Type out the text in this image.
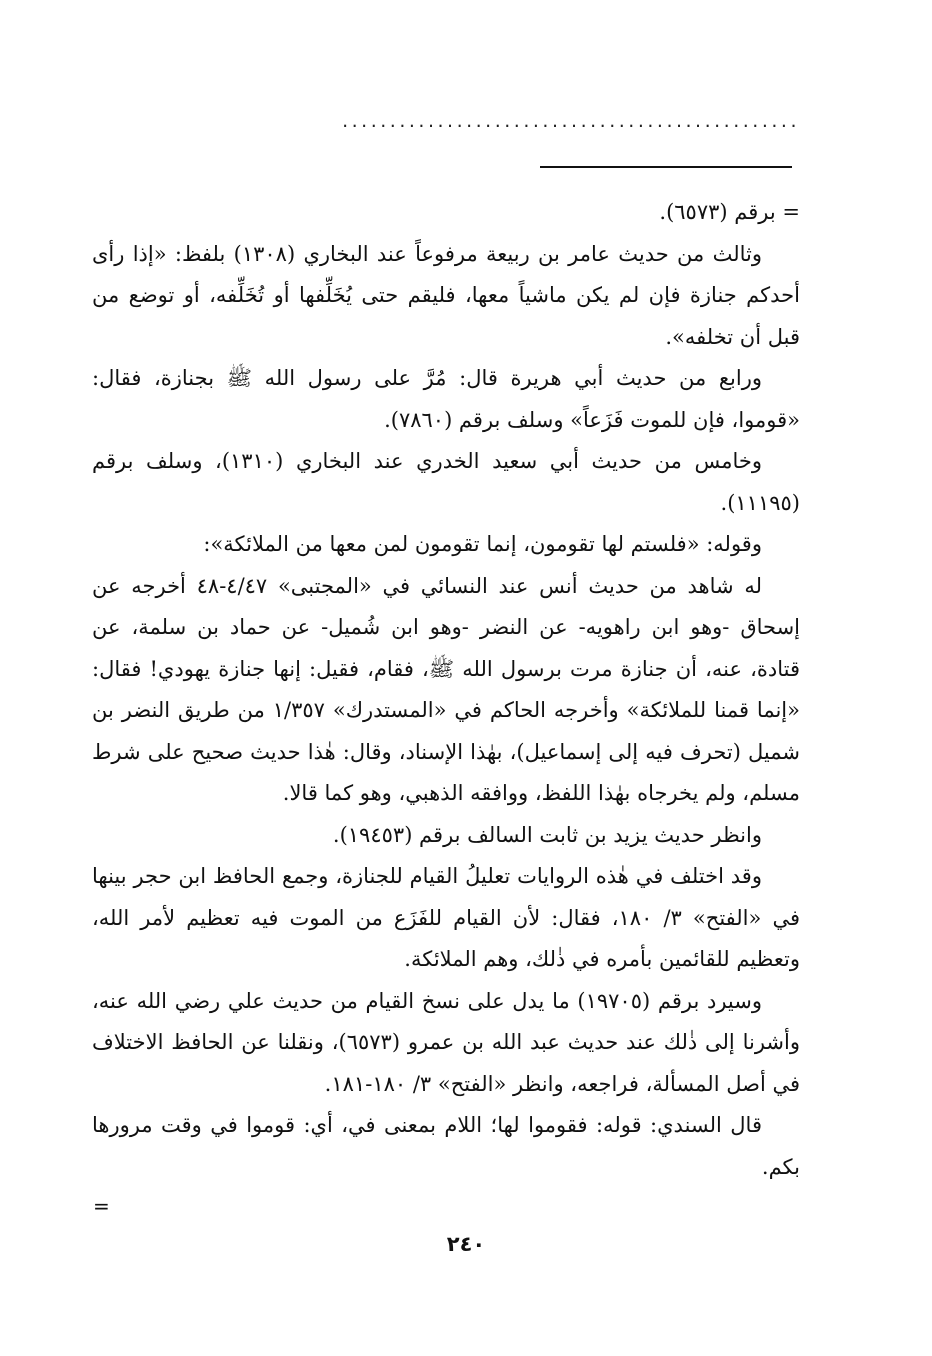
................................................

= برقم (٦٥٧٣).

وثالث من حديث عامر بن ربيعة مرفوعاً عند البخاري (١٣٠٨) بلفظ: «إذا رأى أحدكم جنازة فإن لم يكن ماشياً معها، فليقم حتى يُخَلِّفها أو تُخَلِّفه، أو توضع من قبل أن تخلفه».

ورابع من حديث أبي هريرة قال: مُرَّ على رسول الله ﷺ بجنازة، فقال: «قوموا، فإن للموت فَزَعاً» وسلف برقم (٧٨٦٠).

وخامس من حديث أبي سعيد الخدري عند البخاري (١٣١٠)، وسلف برقم (١١١٩٥).

وقوله: «فلستم لها تقومون، إنما تقومون لمن معها من الملائكة»:

له شاهد من حديث أنس عند النسائي في «المجتبى» ٤/٤٧-٤٨ أخرجه عن إسحاق -وهو ابن راهويه- عن النضر -وهو ابن شُميل- عن حماد بن سلمة، عن قتادة، عنه، أن جنازة مرت برسول الله ﷺ، فقام، فقيل: إنها جنازة يهودي! فقال: «إنما قمنا للملائكة» وأخرجه الحاكم في «المستدرك» ١/٣٥٧ من طريق النضر بن شميل (تحرف فيه إلى إسماعيل)، بهٰذا الإسناد، وقال: هٰذا حديث صحيح على شرط مسلم، ولم يخرجاه بهٰذا اللفظ، ووافقه الذهبي، وهو كما قالا.

وانظر حديث يزيد بن ثابت السالف برقم (١٩٤٥٣).

وقد اختلف في هٰذه الروايات تعليلُ القيام للجنازة، وجمع الحافظ ابن حجر بينها في «الفتح» ٣/ ١٨٠، فقال: لأن القيام للفَزَع من الموت فيه تعظيم لأمر الله، وتعظيم للقائمين بأمره في ذٰلك، وهم الملائكة.

وسيرد برقم (١٩٧٠٥) ما يدل على نسخ القيام من حديث علي رضي الله عنه، وأشرنا إلى ذٰلك عند حديث عبد الله بن عمرو (٦٥٧٣)، ونقلنا عن الحافظ الاختلاف في أصل المسألة، فراجعه، وانظر «الفتح» ٣/ ١٨٠-١٨١.

قال السندي: قوله: فقوموا لها؛ اللام بمعنى في، أي: قوموا في وقت مرورها بكم.

=
٢٤٠
